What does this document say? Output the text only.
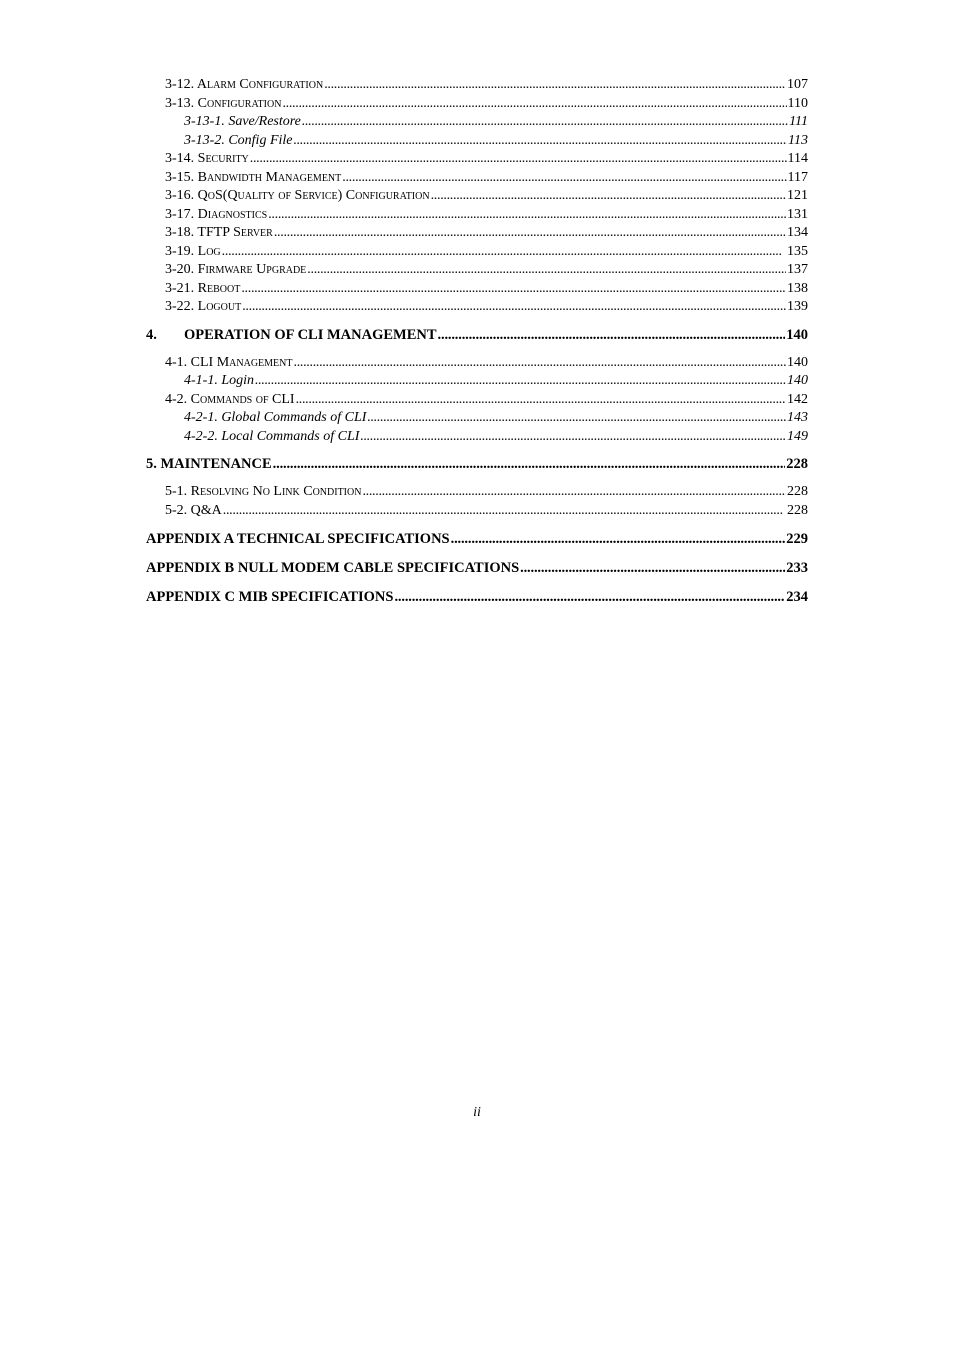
3-12. Alarm Configuration . . .	107
3-13. Configuration . . .	110
3-13-1. Save/Restore . . .	111
3-13-2. Config File . . .	113
3-14. Security . . .	114
3-15. Bandwidth Management . . .	117
3-16. QoS(Quality of Service) Configuration . . .	121
3-17. Diagnostics . . .	131
3-18. TFTP Server . . .	134
3-19. Log . . .	135
3-20. Firmware Upgrade . . .	137
3-21. Reboot . . .	138
3-22. Logout . . .	139
4. OPERATION OF CLI MANAGEMENT . . .	140
4-1. CLI Management . . .	140
4-1-1. Login . . .	140
4-2. Commands of CLI . . .	142
4-2-1. Global Commands of CLI . . .	143
4-2-2. Local Commands of CLI . . .	149
5. MAINTENANCE . . .	228
5-1. Resolving No Link Condition . . .	228
5-2. Q&A . . .	228
APPENDIX A TECHNICAL SPECIFICATIONS . . .	229
APPENDIX B NULL MODEM CABLE SPECIFICATIONS . . .	233
APPENDIX C MIB SPECIFICATIONS . . .	234
ii
